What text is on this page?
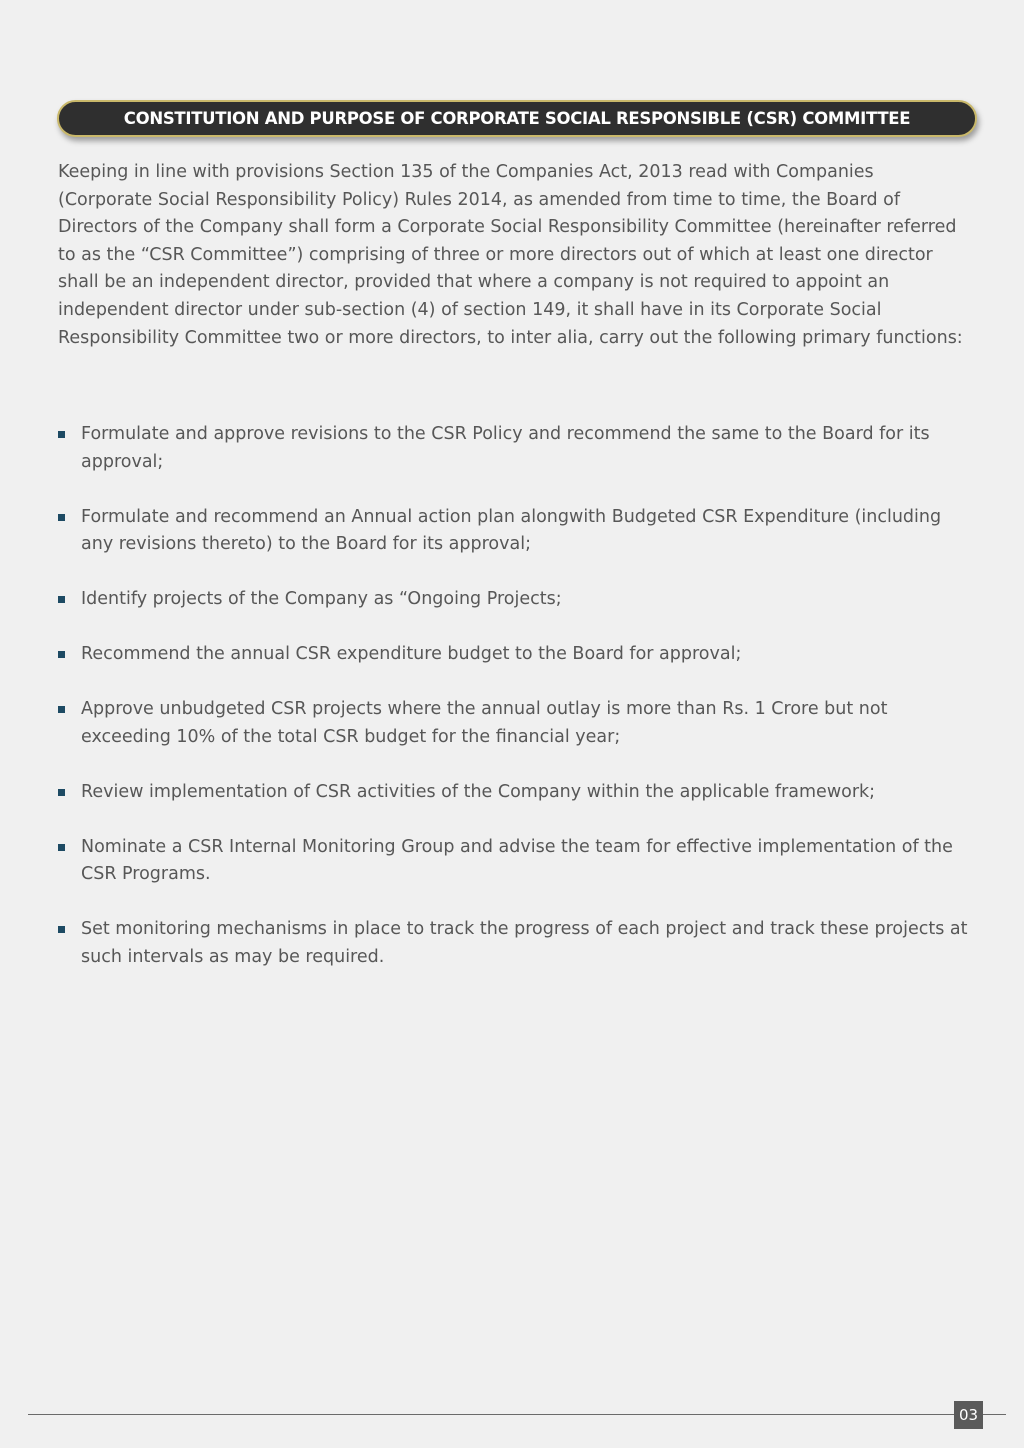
CONSTITUTION AND PURPOSE OF CORPORATE SOCIAL RESPONSIBLE (CSR) COMMITTEE

Keeping in line with provisions Section 135 of the Companies Act, 2013 read with Companies (Corporate Social Responsibility Policy) Rules 2014, as amended from time to time, the Board of Directors of the Company shall form a Corporate Social Responsibility Committee (hereinafter referred to as the “CSR Committee”) comprising of three or more directors out of which at least one director shall be an independent director, provided that where a company is not required to appoint an independent director under sub-section (4) of section 149, it shall have in its Corporate Social Responsibility Committee two or more directors, to inter alia, carry out the following primary functions:

Formulate and approve revisions to the CSR Policy and recommend the same to the Board for its approval;
Formulate and recommend an Annual action plan alongwith Budgeted CSR Expenditure (including any revisions thereto) to the Board for its approval;
Identify projects of the Company as “Ongoing Projects;
Recommend the annual CSR expenditure budget to the Board for approval;
Approve unbudgeted CSR projects where the annual outlay is more than Rs. 1 Crore but not exceeding 10% of the total CSR budget for the financial year;
Review implementation of CSR activities of the Company within the applicable framework;
Nominate a CSR Internal Monitoring Group and advise the team for effective implementation of the CSR Programs.
Set monitoring mechanisms in place to track the progress of each project and track these projects at such intervals as may be required.
03
